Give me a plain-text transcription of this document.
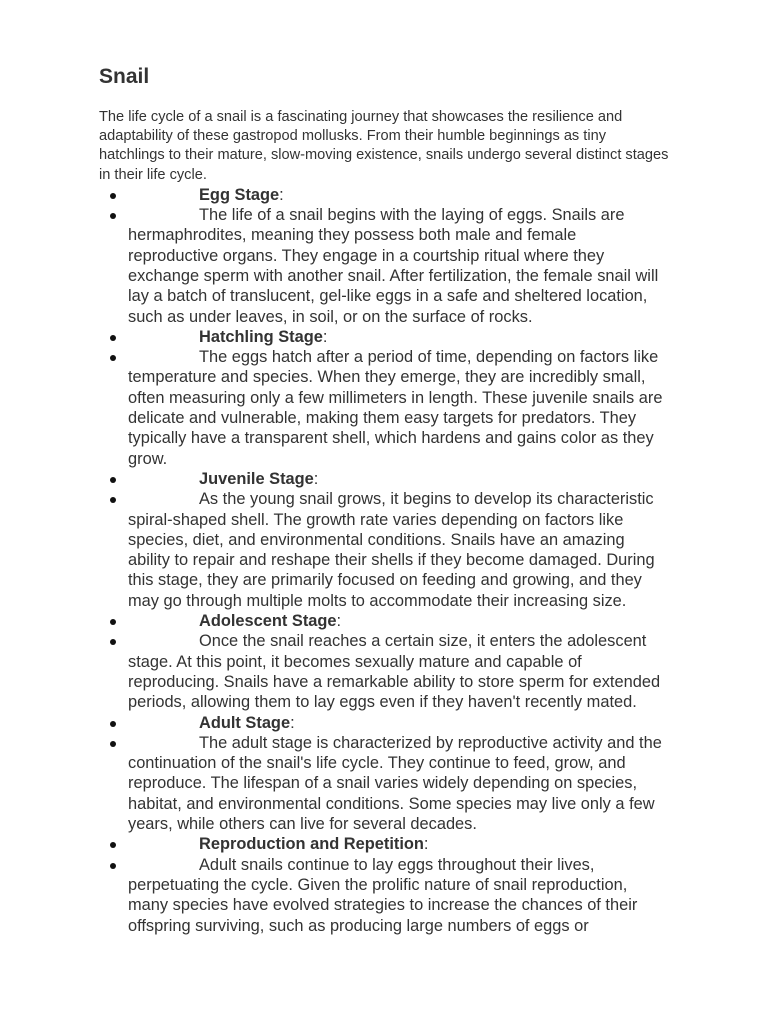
Snail

The life cycle of a snail is a fascinating journey that showcases the resilience and adaptability of these gastropod mollusks. From their humble beginnings as tiny hatchlings to their mature, slow-moving existence, snails undergo several distinct stages in their life cycle.

Egg Stage:
The life of a snail begins with the laying of eggs. Snails are hermaphrodites, meaning they possess both male and female reproductive organs. They engage in a courtship ritual where they exchange sperm with another snail. After fertilization, the female snail will lay a batch of translucent, gel-like eggs in a safe and sheltered location, such as under leaves, in soil, or on the surface of rocks.
Hatchling Stage:
The eggs hatch after a period of time, depending on factors like temperature and species. When they emerge, they are incredibly small, often measuring only a few millimeters in length. These juvenile snails are delicate and vulnerable, making them easy targets for predators. They typically have a transparent shell, which hardens and gains color as they grow.
Juvenile Stage:
As the young snail grows, it begins to develop its characteristic spiral-shaped shell. The growth rate varies depending on factors like species, diet, and environmental conditions. Snails have an amazing ability to repair and reshape their shells if they become damaged. During this stage, they are primarily focused on feeding and growing, and they may go through multiple molts to accommodate their increasing size.
Adolescent Stage:
Once the snail reaches a certain size, it enters the adolescent stage. At this point, it becomes sexually mature and capable of reproducing. Snails have a remarkable ability to store sperm for extended periods, allowing them to lay eggs even if they haven't recently mated.
Adult Stage:
The adult stage is characterized by reproductive activity and the continuation of the snail's life cycle. They continue to feed, grow, and reproduce. The lifespan of a snail varies widely depending on species, habitat, and environmental conditions. Some species may live only a few years, while others can live for several decades.
Reproduction and Repetition:
Adult snails continue to lay eggs throughout their lives, perpetuating the cycle. Given the prolific nature of snail reproduction, many species have evolved strategies to increase the chances of their offspring surviving, such as producing large numbers of eggs or
